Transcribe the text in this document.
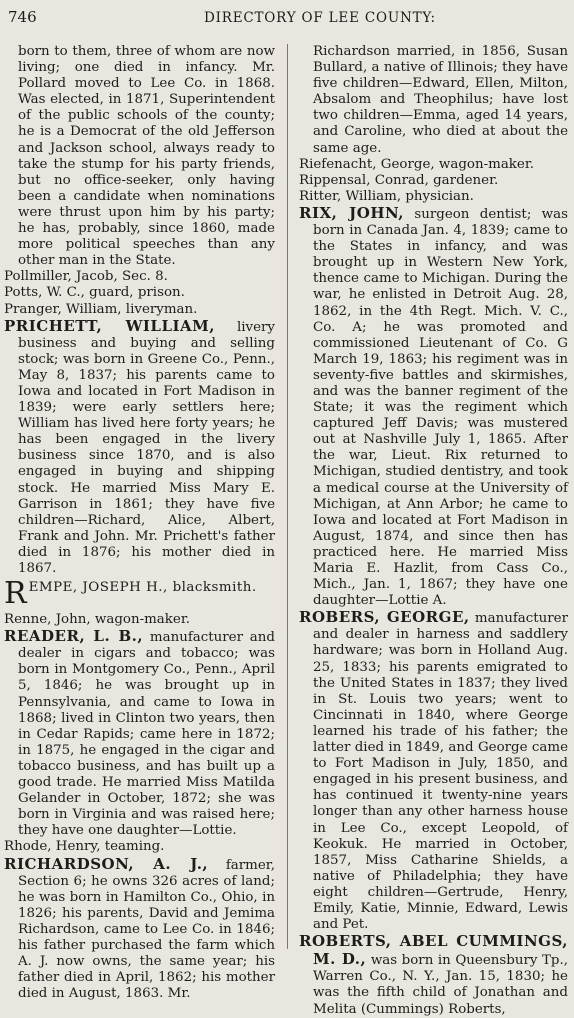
746	DIRECTORY OF LEE COUNTY:

born to them, three of whom are now living; one died in infancy. Mr. Pollard moved to Lee Co. in 1868. Was elected, in 1871, Superintendent of the public schools of the county; he is a Democrat of the old Jefferson and Jackson school, always ready to take the stump for his party friends, but no office-seeker, only having been a candidate when nominations were thrust upon him by his party; he has, probably, since 1860, made more political speeches than any other man in the State.

Pollmiller, Jacob, Sec. 8.

Potts, W. C., guard, prison.

Pranger, William, liveryman.

PRICHETT, WILLIAM, livery business and buying and selling stock; was born in Greene Co., Penn., May 8, 1837; his parents came to Iowa and located in Fort Madison in 1839; were early settlers here; William has lived here forty years; he has been engaged in the livery business since 1870, and is also engaged in buying and shipping stock. He married Miss Mary E. Garrison in 1861; they have five children—Richard, Alice, Albert, Frank and John. Mr. Prichett's father died in 1876; his mother died in 1867.

REMPE, JOSEPH H., blacksmith.

Renne, John, wagon-maker.

READER, L. B., manufacturer and dealer in cigars and tobacco; was born in Montgomery Co., Penn., April 5, 1846; he was brought up in Pennsylvania, and came to Iowa in 1868; lived in Clinton two years, then in Cedar Rapids; came here in 1872; in 1875, he engaged in the cigar and tobacco business, and has built up a good trade. He married Miss Matilda Gelander in October, 1872; she was born in Virginia and was raised here; they have one daughter—Lottie.

Rhode, Henry, teaming.

RICHARDSON, A. J., farmer, Section 6; he owns 326 acres of land; he was born in Hamilton Co., Ohio, in 1826; his parents, David and Jemima Richardson, came to Lee Co. in 1846; his father purchased the farm which A. J. now owns, the same year; his father died in April, 1862; his mother died in August, 1863. Mr.

Richardson married, in 1856, Susan Bullard, a native of Illinois; they have five children—Edward, Ellen, Milton, Absalom and Theophilus; have lost two children—Emma, aged 14 years, and Caroline, who died at about the same age.

Riefenacht, George, wagon-maker.

Rippensal, Conrad, gardener.

Ritter, William, physician.

RIX, JOHN, surgeon dentist; was born in Canada Jan. 4, 1839; came to the States in infancy, and was brought up in Western New York, thence came to Michigan. During the war, he enlisted in Detroit Aug. 28, 1862, in the 4th Regt. Mich. V. C., Co. A; he was promoted and commissioned Lieutenant of Co. G March 19, 1863; his regiment was in seventy-five battles and skirmishes, and was the banner regiment of the State; it was the regiment which captured Jeff Davis; was mustered out at Nashville July 1, 1865. After the war, Lieut. Rix returned to Michigan, studied dentistry, and took a medical course at the University of Michigan, at Ann Arbor; he came to Iowa and located at Fort Madison in August, 1874, and since then has practiced here. He married Miss Maria E. Hazlit, from Cass Co., Mich., Jan. 1, 1867; they have one daughter—Lottie A.

ROBERS, GEORGE, manufacturer and dealer in harness and saddlery hardware; was born in Holland Aug. 25, 1833; his parents emigrated to the United States in 1837; they lived in St. Louis two years; went to Cincinnati in 1840, where George learned his trade of his father; the latter died in 1849, and George came to Fort Madison in July, 1850, and engaged in his present business, and has continued it twenty-nine years longer than any other harness house in Lee Co., except Leopold, of Keokuk. He married in October, 1857, Miss Catharine Shields, a native of Philadelphia; they have eight children—Gertrude, Henry, Emily, Katie, Minnie, Edward, Lewis and Pet.

ROBERTS, ABEL CUMMINGS, M. D., was born in Queensbury Tp., Warren Co., N. Y., Jan. 15, 1830; he was the fifth child of Jonathan and Melita (Cummings) Roberts,
